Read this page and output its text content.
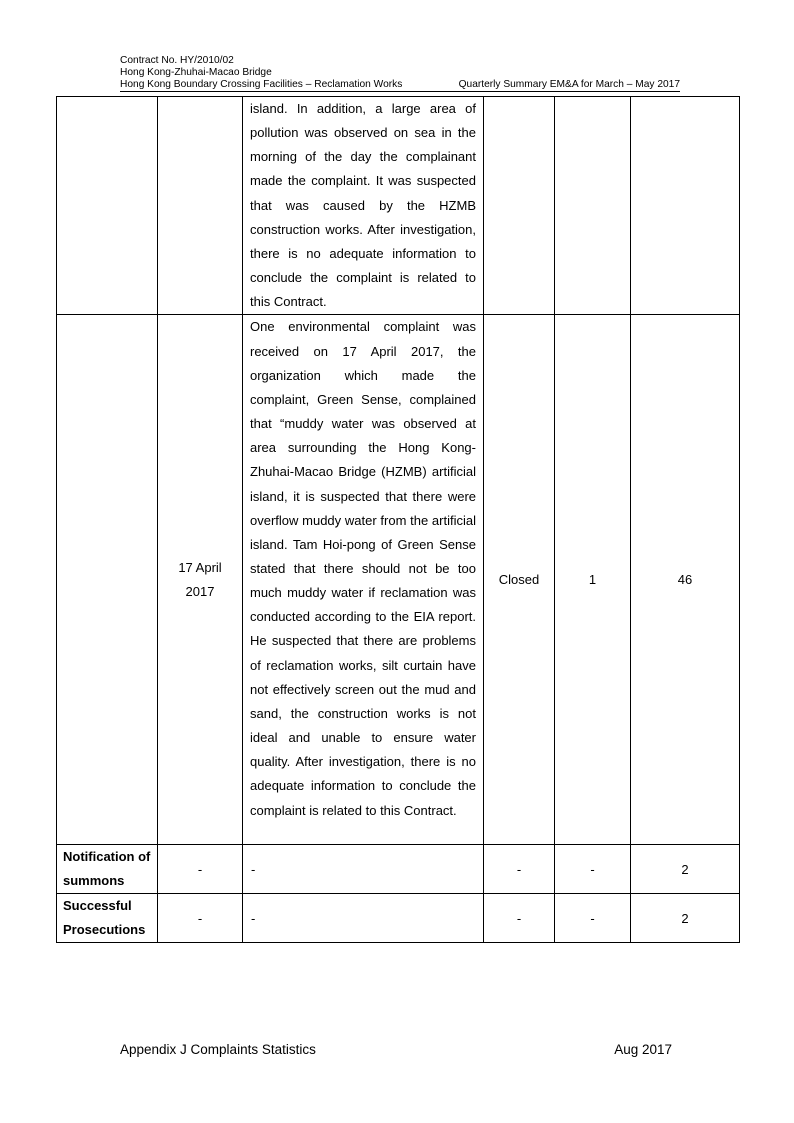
Contract No. HY/2010/02
Hong Kong-Zhuhai-Macao Bridge
Hong Kong Boundary Crossing Facilities – Reclamation Works	Quarterly Summary EM&A for March – May 2017

		island. In addition, a large area of pollution was observed on sea in the morning of the day the complainant made the complaint. It was suspected that was caused by the HZMB construction works. After investigation, there is no adequate information to conclude the complaint is related to this Contract.			

	17 April
2017	One environmental complaint was received on 17 April 2017, the organization which made the complaint, Green Sense, complained that “muddy water was observed at area surrounding the Hong Kong-Zhuhai-Macao Bridge (HZMB) artificial island, it is suspected that there were overflow muddy water from the artificial island. Tam Hoi-pong of Green Sense stated that there should not be too much muddy water if reclamation was conducted according to the EIA report. He suspected that there are problems of reclamation works, silt curtain have not effectively screen out the mud and sand, the construction works is not ideal and unable to ensure water quality. After investigation, there is no adequate information to conclude the complaint is related to this Contract.	Closed	1	46

Notification of
summons	-	-	-	-	2

Successful
Prosecutions	-	-	-	-	2
Appendix J Complaints Statistics	Aug 2017
